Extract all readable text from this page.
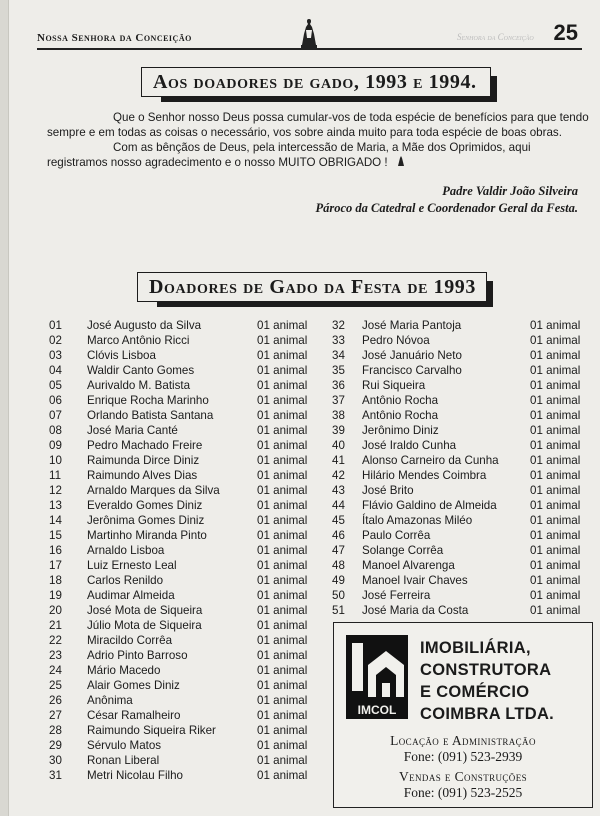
Nossa Senhora da Conceição	Senhora da Conceição 25
Aos doadores de gado, 1993 e 1994.

Que o Senhor nosso Deus possa cumular-vos de toda espécie de benefícios para que tendo sempre e em todas as coisas o necessário, vos sobre ainda muito para toda espécie de boas obras.

Com as bênçãos de Deus, pela intercessão de Maria, a Mãe dos Oprimidos, aqui registramos nosso agradecimento e o nosso MUITO OBRIGADO !

Padre Valdir João Silveira
Pároco da Catedral e Coordenador Geral da Festa.
Doadores de Gado da Festa de 1993
01 José Augusto da Silva	01 animal
02 Marco Antônio Ricci	01 animal
03 Clóvis Lisboa	01 animal
04 Waldir Canto Gomes	01 animal
05 Aurivaldo M. Batista	01 animal
06 Enrique Rocha Marinho	01 animal
07 Orlando Batista Santana	01 animal
08 José Maria Canté	01 animal
09 Pedro Machado Freire	01 animal
10 Raimunda Dirce Diniz	01 animal
11 Raimundo Alves Dias	01 animal
12 Arnaldo Marques da Silva	01 animal
13 Everaldo Gomes Diniz	01 animal
14 Jerônima Gomes Diniz	01 animal
15 Martinho Miranda Pinto	01 animal
16 Arnaldo Lisboa	01 animal
17 Luiz Ernesto Leal	01 animal
18 Carlos Renildo	01 animal
19 Audimar Almeida	01 animal
20 José Mota de Siqueira	01 animal
21 Júlio Mota de Siqueira	01 animal
22 Miracildo Corrêa	01 animal
23 Adrio Pinto Barroso	01 animal
24 Mário Macedo	01 animal
25 Alair Gomes Diniz	01 animal
26 Anônima	01 animal
27 César Ramalheiro	01 animal
28 Raimundo Siqueira Riker	01 animal
29 Sérvulo Matos	01 animal
30 Ronan Liberal	01 animal
31 Metri Nicolau Filho	01 animal
32 José Maria Pantoja	01 animal
33 Pedro Nóvoa	01 animal
34 José Januário Neto	01 animal
35 Francisco Carvalho	01 animal
36 Rui Siqueira	01 animal
37 Antônio Rocha	01 animal
38 Antônio Rocha	01 animal
39 Jerônimo Diniz	01 animal
40 José Iraldo Cunha	01 animal
41 Alonso Carneiro da Cunha	01 animal
42 Hilário Mendes Coimbra	01 animal
43 José Brito	01 animal
44 Flávio Galdino de Almeida	01 animal
45 Ítalo Amazonas Miléo	01 animal
46 Paulo Corrêa	01 animal
47 Solange Corrêa	01 animal
48 Manoel Alvarenga	01 animal
49 Manoel Ivair Chaves	01 animal
50 José Ferreira	01 animal
51 José Maria da Costa	01 animal
IMCOL
IMOBILIÁRIA,
CONSTRUTORA
E COMÉRCIO
COIMBRA LTDA.
Locação e Administração
Fone: (091) 523-2939
Vendas e Construções
Fone: (091) 523-2525
